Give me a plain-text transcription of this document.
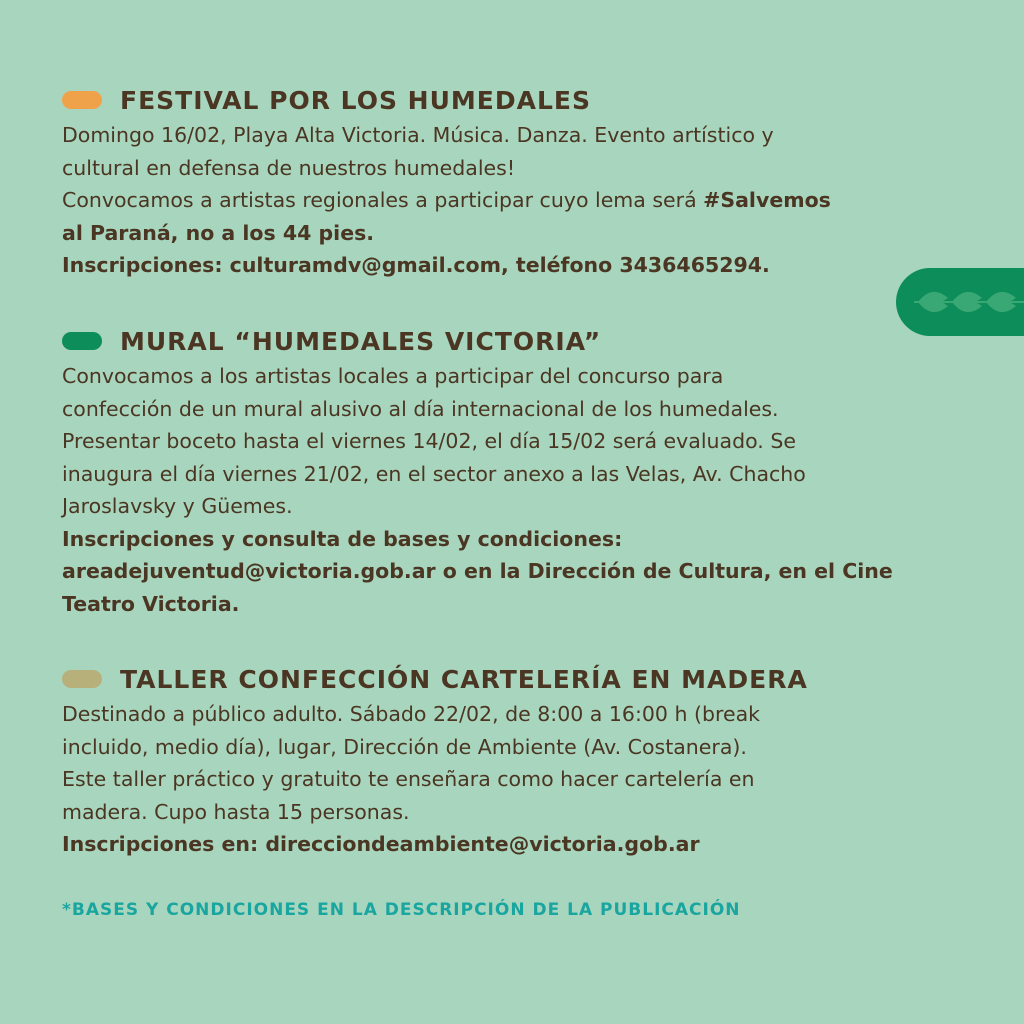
FESTIVAL POR LOS HUMEDALES

Domingo 16/02, Playa Alta Victoria. Música. Danza. Evento artístico y

cultural en defensa de nuestros humedales!

Convocamos a artistas regionales a participar cuyo lema será #Salvemos

al Paraná, no a los 44 pies.

Inscripciones: culturamdv@gmail.com, teléfono 3436465294.

MURAL “HUMEDALES VICTORIA”

Convocamos a los artistas locales a participar del concurso para

confección de un mural alusivo al día internacional de los humedales.

Presentar boceto hasta el viernes 14/02, el día 15/02 será evaluado. Se

inaugura el día viernes 21/02, en el sector anexo a las Velas, Av. Chacho

Jaroslavsky y Güemes.

Inscripciones y consulta de bases y condiciones:

areadejuventud@victoria.gob.ar o en la Dirección de Cultura, en el Cine

Teatro Victoria.

TALLER CONFECCIÓN CARTELERÍA EN MADERA

Destinado a público adulto. Sábado 22/02, de 8:00 a 16:00 h (break

incluido, medio día), lugar, Dirección de Ambiente (Av. Costanera).

Este taller práctico y gratuito te enseñara como hacer cartelería en

madera. Cupo hasta 15 personas.

Inscripciones en: direcciondeambiente@victoria.gob.ar

*BASES Y CONDICIONES EN LA DESCRIPCIÓN DE LA PUBLICACIÓN
